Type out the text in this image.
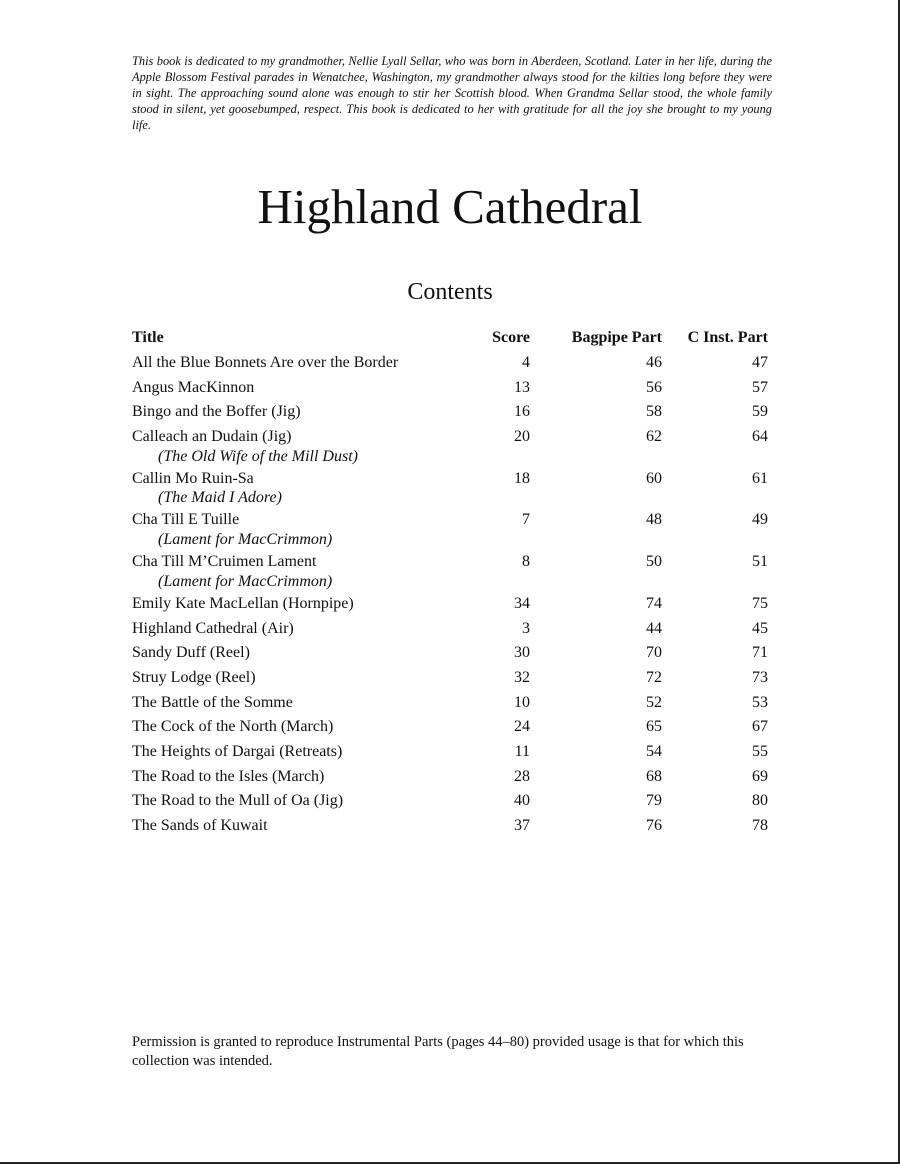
This book is dedicated to my grandmother, Nellie Lyall Sellar, who was born in Aberdeen, Scotland. Later in her life, during the Apple Blossom Festival parades in Wenatchee, Washington, my grandmother always stood for the kilties long before they were in sight. The approaching sound alone was enough to stir her Scottish blood. When Grandma Sellar stood, the whole family stood in silent, yet goosebumped, respect. This book is dedicated to her with gratitude for all the joy she brought to my young life.

Highland Cathedral
Contents
Title	Score	Bagpipe Part	C Inst. Part
All the Blue Bonnets Are over the Border	4	46	47
Angus MacKinnon	13	56	57
Bingo and the Boffer (Jig)	16	58	59
Calleach an Dudain (Jig)	20	62	64
(The Old Wife of the Mill Dust)
Callin Mo Ruin-Sa	18	60	61
(The Maid I Adore)
Cha Till E Tuille	7	48	49
(Lament for MacCrimmon)
Cha Till M’Cruimen Lament	8	50	51
(Lament for MacCrimmon)
Emily Kate MacLellan (Hornpipe)	34	74	75
Highland Cathedral (Air)	3	44	45
Sandy Duff (Reel)	30	70	71
Struy Lodge (Reel)	32	72	73
The Battle of the Somme	10	52	53
The Cock of the North (March)	24	65	67
The Heights of Dargai (Retreats)	11	54	55
The Road to the Isles (March)	28	68	69
The Road to the Mull of Oa (Jig)	40	79	80
The Sands of Kuwait	37	76	78

Permission is granted to reproduce Instrumental Parts (pages 44–80) provided usage is that for which this collection was intended.
